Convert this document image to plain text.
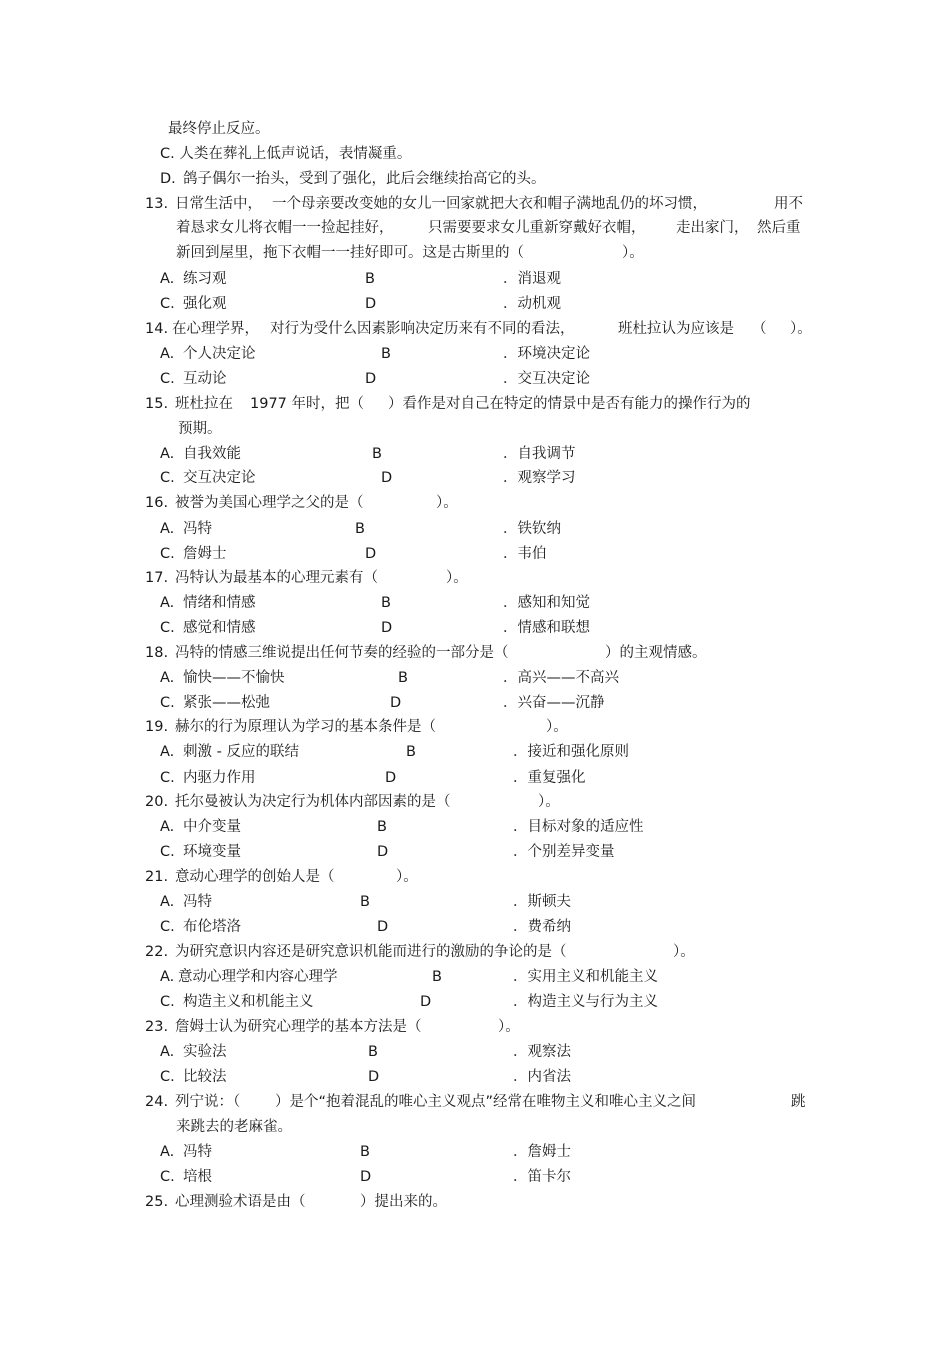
最终停止反应。
C. 人类在葬礼上低声说话，表情凝重。
D. 鸽子偶尔一抬头，受到了强化，此后会继续抬高它的头。
13. 日常生活中， 一个母亲要改变她的女儿一回家就把大衣和帽子满地乱仍的坏习惯，	用不
着恳求女儿将衣帽一一捡起挂好， 只需要要求女儿重新穿戴好衣帽， 走出家门， 然后重
新回到屋里，拖下衣帽一一挂好即可。这是古斯里的（	）。
A. 练习观	B	．消退观
C. 强化观	D	．动机观
14. 在心理学界， 对行为受什么因素影响决定历来有不同的看法，	班杜拉认为应该是 （ ）。
A. 个人决定论	B	．环境决定论
C. 互动论	D	．交互决定论
15. 班杜拉在 1977 年时，把（ ）看作是对自己在特定的情景中是否有能力的操作行为的
预期。
A. 自我效能	B	．自我调节
C. 交互决定论	D	．观察学习
16. 被誉为美国心理学之父的是（	）。
A. 冯特	B	．铁钦纳
C. 詹姆士	D	．韦伯
17. 冯特认为最基本的心理元素有（	）。
A. 情绪和情感	B	．感知和知觉
C. 感觉和情感	D	．情感和联想
18. 冯特的情感三维说提出任何节奏的经验的一部分是（	）的主观情感。
A. 愉快——不愉快	B	．高兴——不高兴
C. 紧张——松弛	D	．兴奋——沉静
19. 赫尔的行为原理认为学习的基本条件是（	）。
A. 刺激 - 反应的联结	B	．接近和强化原则
C. 内驱力作用	D	．重复强化
20. 托尔曼被认为决定行为机体内部因素的是（	）。
A. 中介变量	B	．目标对象的适应性
C. 环境变量	D	．个别差异变量
21. 意动心理学的创始人是（	）。
A. 冯特	B	．斯顿夫
C. 布伦塔洛	D	．费希纳
22. 为研究意识内容还是研究意识机能而进行的激励的争论的是（	）。
A. 意动心理学和内容心理学	B	．实用主义和机能主义
C. 构造主义和机能主义	D	．构造主义与行为主义
23. 詹姆士认为研究心理学的基本方法是（	）。
A. 实验法	B	．观察法
C. 比较法	D	．内省法
24. 列宁说：（ ）是个“抱着混乱的唯心主义观点”经常在唯物主义和唯心主义之间	跳
来跳去的老麻雀。
A. 冯特	B	．詹姆士
C. 培根	D	．笛卡尔
25. 心理测验术语是由（	）提出来的。
